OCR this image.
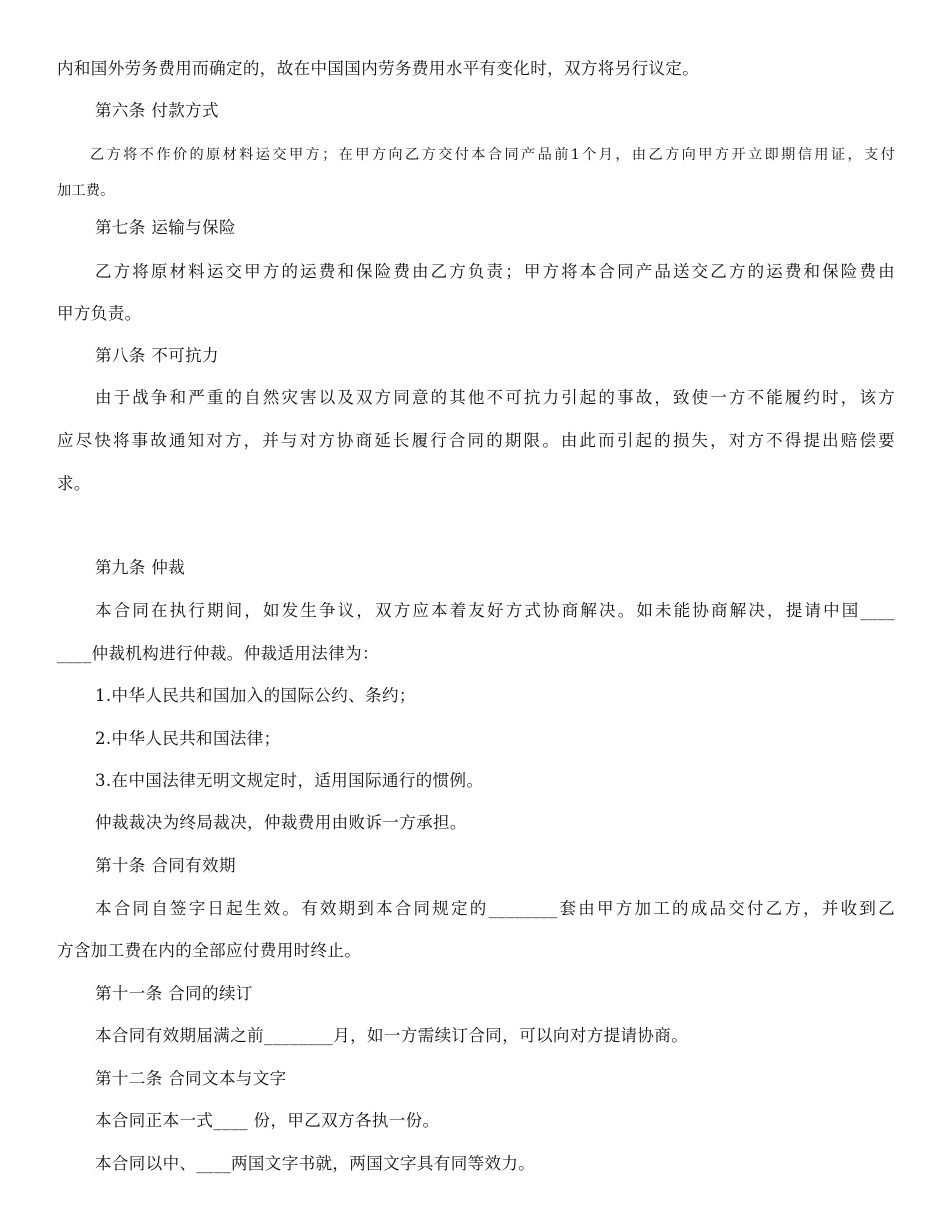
内和国外劳务费用而确定的，故在中国国内劳务费用水平有变化时，双方将另行议定。
第六条 付款方式
乙方将不作价的原材料运交甲方；在甲方向乙方交付本合同产品前1个月，由乙方向甲方开立即期信用证，支付
加工费。
第七条 运输与保险
乙方将原材料运交甲方的运费和保险费由乙方负责；甲方将本合同产品送交乙方的运费和保险费由
甲方负责。
第八条 不可抗力
由于战争和严重的自然灾害以及双方同意的其他不可抗力引起的事故，致使一方不能履约时，该方
应尽快将事故通知对方，并与对方协商延长履行合同的期限。由此而引起的损失，对方不得提出赔偿要
求。
第九条 仲裁
本合同在执行期间，如发生争议，双方应本着友好方式协商解决。如未能协商解决，提请中国____
____仲裁机构进行仲裁。仲裁适用法律为：
1.中华人民共和国加入的国际公约、条约；
2.中华人民共和国法律；
3.在中国法律无明文规定时，适用国际通行的惯例。
仲裁裁决为终局裁决，仲裁费用由败诉一方承担。
第十条 合同有效期
本合同自签字日起生效。有效期到本合同规定的________套由甲方加工的成品交付乙方，并收到乙
方含加工费在内的全部应付费用时终止。
第十一条 合同的续订
本合同有效期届满之前________月，如一方需续订合同，可以向对方提请协商。
第十二条 合同文本与文字
本合同正本一式____ 份，甲乙双方各执一份。
本合同以中、____两国文字书就，两国文字具有同等效力。
